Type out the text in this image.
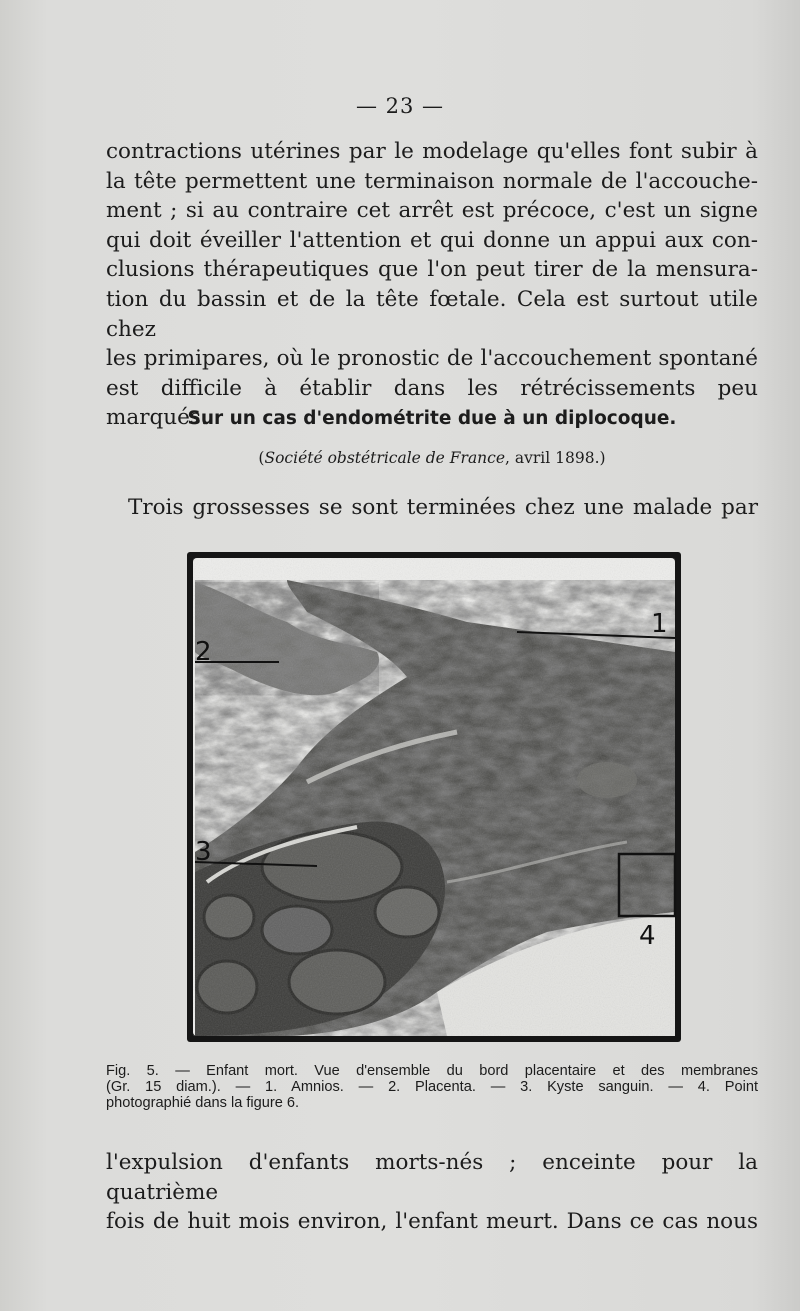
— 23 —

contractions utérines par le modelage qu'elles font subir à
la tête permettent une terminaison normale de l'accouche-
ment ; si au contraire cet arrêt est précoce, c'est un signe
qui doit éveiller l'attention et qui donne un appui aux con-
clusions thérapeutiques que l'on peut tirer de la mensura-
tion du bassin et de la tête fœtale. Cela est surtout utile chez
les primipares, où le pronostic de l'accouchement spontané
est difficile à établir dans les rétrécissements peu marqués.

Sur un cas d'endométrite due à un diplocoque.
(Société obstétricale de France, avril 1898.)

Trois grossesses se sont terminées chez une malade par

1
2
3
4

Fig. 5. — Enfant mort. Vue d'ensemble du bord placentaire et des membranes
(Gr. 15 diam.). — 1. Amnios. — 2. Placenta. — 3. Kyste sanguin. — 4. Point
photographié dans la figure 6.

l'expulsion d'enfants morts-nés ; enceinte pour la quatrième
fois de huit mois environ, l'enfant meurt. Dans ce cas nous
